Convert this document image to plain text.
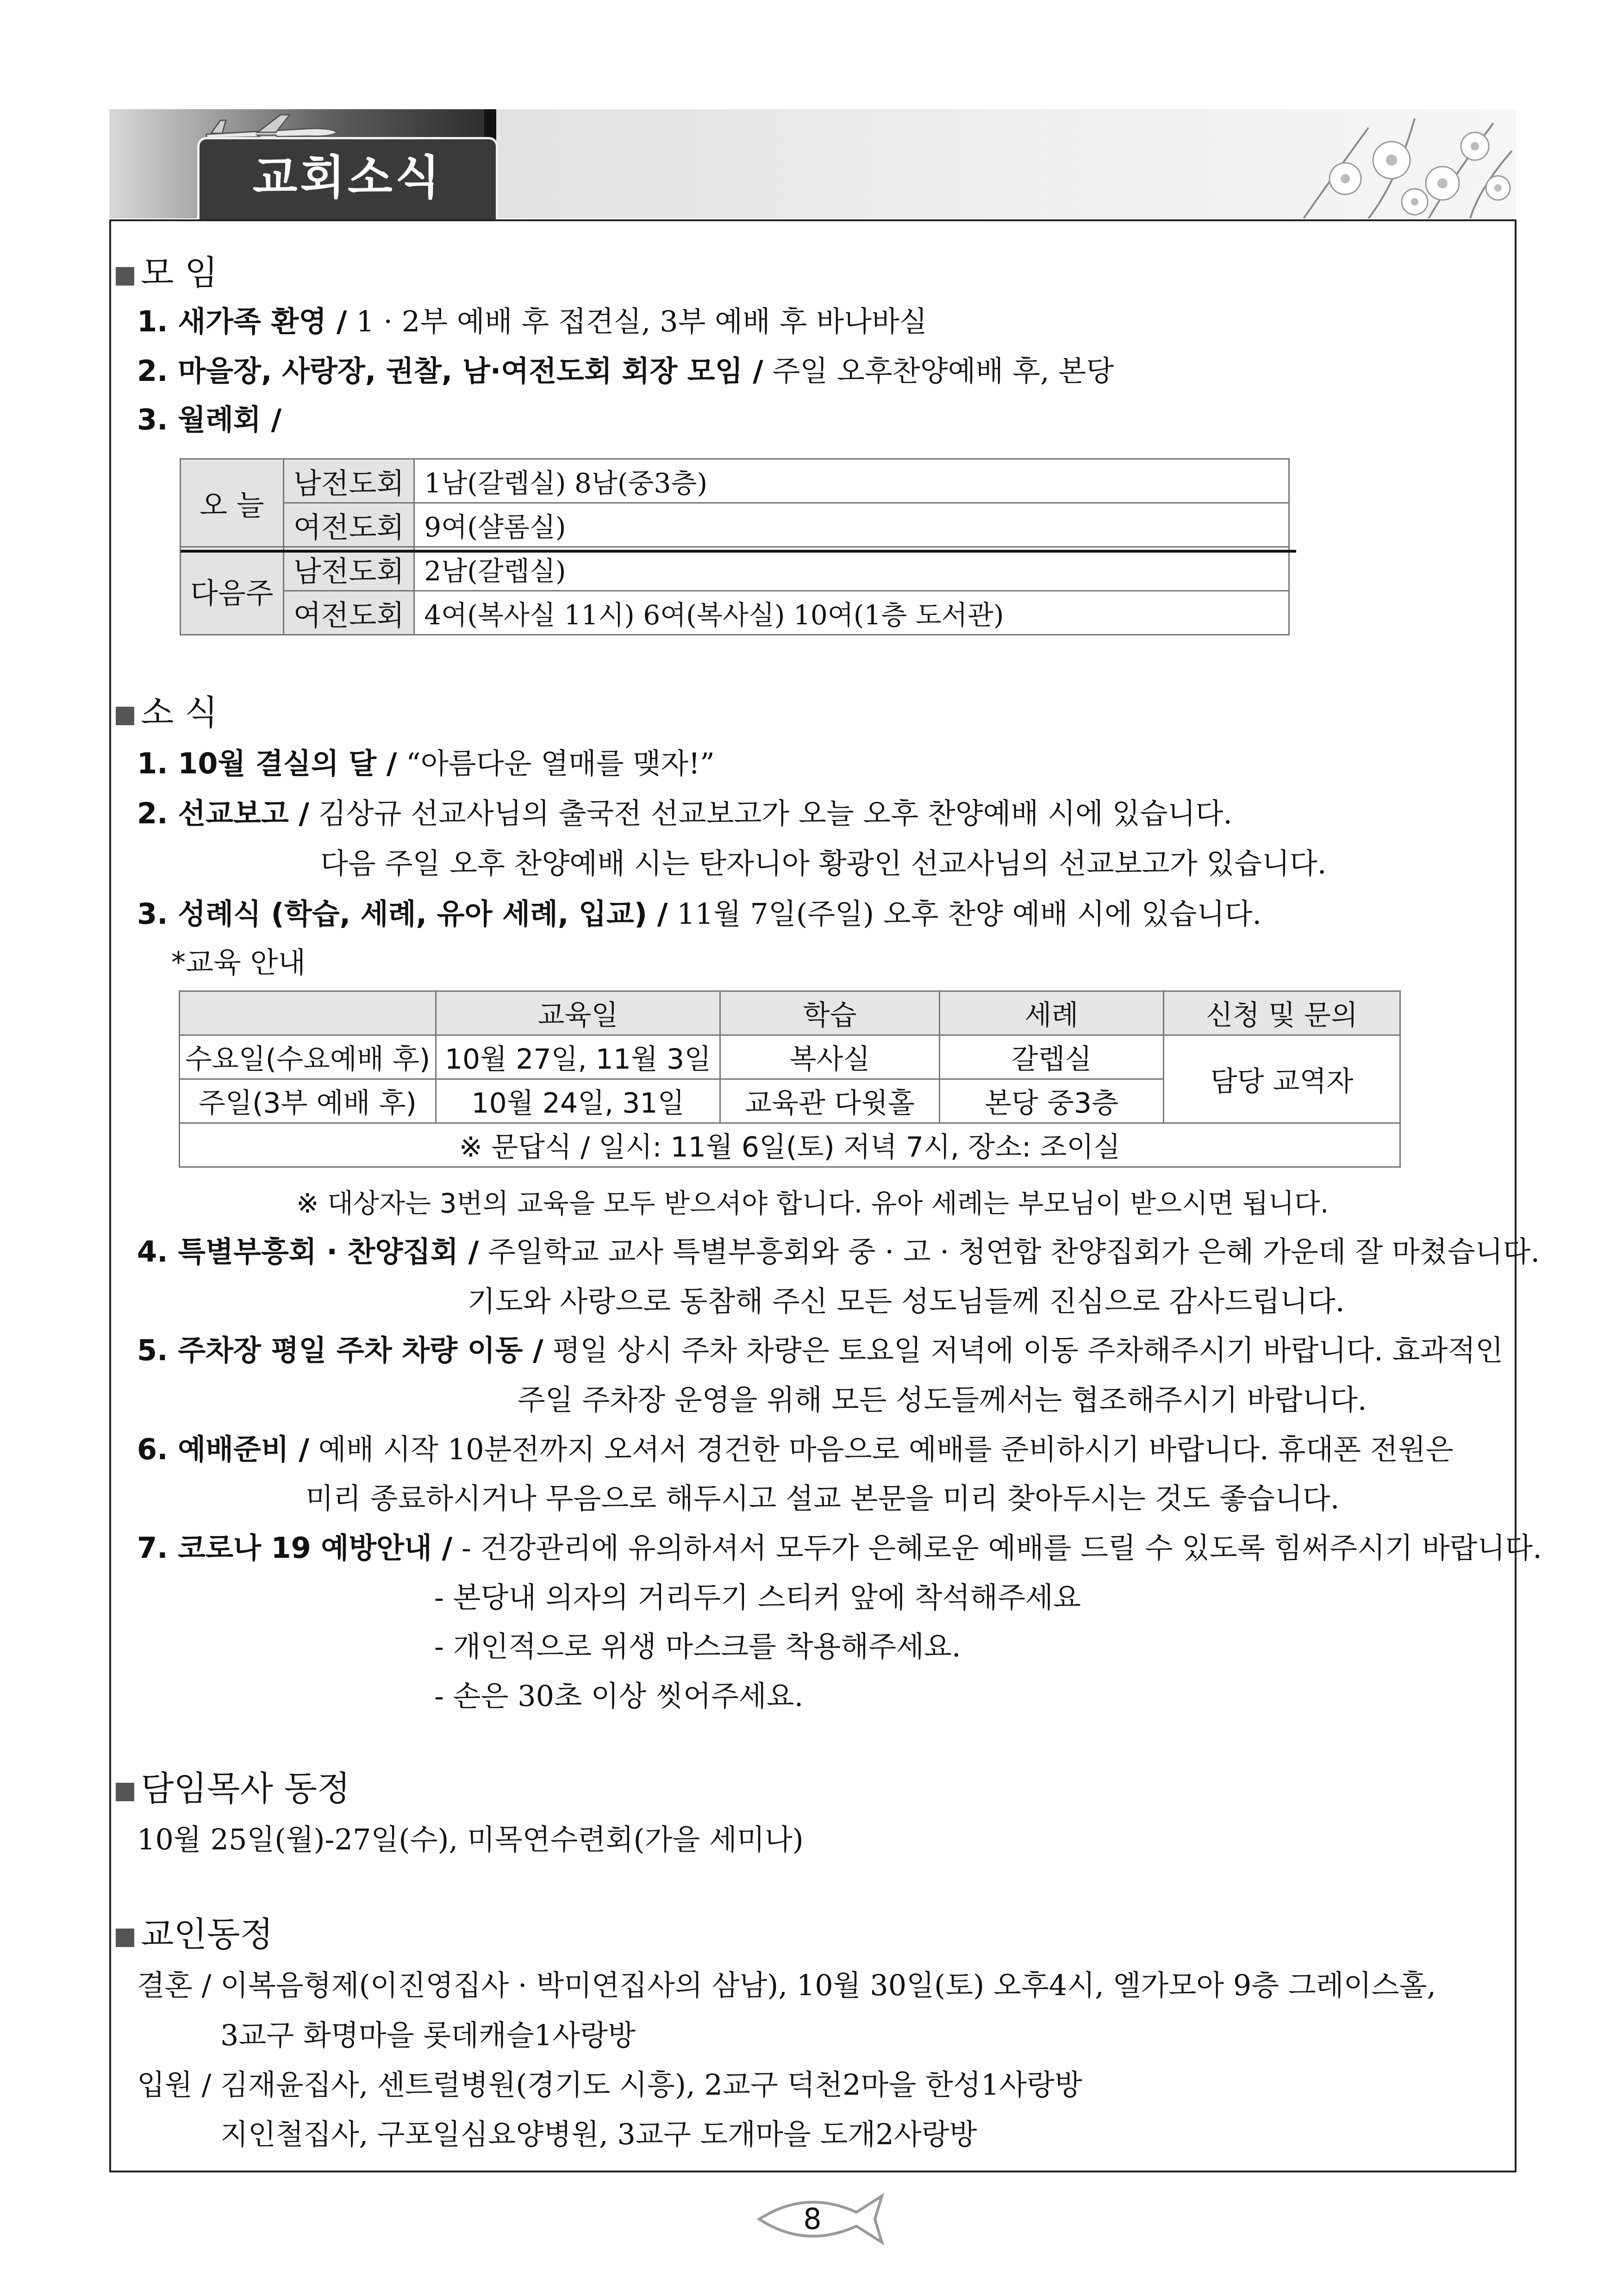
교회소식
모 임
1. 새가족 환영 / 1 · 2부 예배 후 접견실, 3부 예배 후 바나바실
2. 마을장, 사랑장, 권찰, 남·여전도회 회장 모임 / 주일 오후찬양예배 후, 본당
3. 월례회 /
오 늘	남전도회	1남(갈렙실) 8남(중3층)
	여전도회	9여(샬롬실)
다음주	남전도회	2남(갈렙실)
	여전도회	4여(복사실 11시) 6여(복사실) 10여(1층 도서관)
소 식
1. 10월 결실의 달 / “아름다운 열매를 맺자!”
2. 선교보고 / 김상규 선교사님의 출국전 선교보고가 오늘 오후 찬양예배 시에 있습니다.
다음 주일 오후 찬양예배 시는 탄자니아 황광인 선교사님의 선교보고가 있습니다.
3. 성례식 (학습, 세례, 유아 세례, 입교) / 11월 7일(주일) 오후 찬양 예배 시에 있습니다.
*교육 안내
	교육일	학습	세례	신청 및 문의
수요일(수요예배 후)	10월 27일, 11월 3일	복사실	갈렙실	담당 교역자
주일(3부 예배 후)	10월 24일, 31일	교육관 다윗홀	본당 중3층	
※ 문답식 / 일시: 11월 6일(토) 저녁 7시, 장소: 조이실				
※ 대상자는 3번의 교육을 모두 받으셔야 합니다. 유아 세례는 부모님이 받으시면 됩니다.
4. 특별부흥회 · 찬양집회 / 주일학교 교사 특별부흥회와 중 · 고 · 청연합 찬양집회가 은혜 가운데 잘 마쳤습니다.
기도와 사랑으로 동참해 주신 모든 성도님들께 진심으로 감사드립니다.
5. 주차장 평일 주차 차량 이동 / 평일 상시 주차 차량은 토요일 저녁에 이동 주차해주시기 바랍니다. 효과적인
주일 주차장 운영을 위해 모든 성도들께서는 협조해주시기 바랍니다.
6. 예배준비 / 예배 시작 10분전까지 오셔서 경건한 마음으로 예배를 준비하시기 바랍니다. 휴대폰 전원은
미리 종료하시거나 무음으로 해두시고 설교 본문을 미리 찾아두시는 것도 좋습니다.
7. 코로나 19 예방안내 / - 건강관리에 유의하셔서 모두가 은혜로운 예배를 드릴 수 있도록 힘써주시기 바랍니다.
- 본당내 의자의 거리두기 스티커 앞에 착석해주세요
- 개인적으로 위생 마스크를 착용해주세요.
- 손은 30초 이상 씻어주세요.
담임목사 동정
10월 25일(월)-27일(수), 미목연수련회(가을 세미나)
교인동정
결혼 / 이복음형제(이진영집사 · 박미연집사의 삼남), 10월 30일(토) 오후4시, 엘가모아 9층 그레이스홀,
3교구 화명마을 롯데캐슬1사랑방
입원 / 김재윤집사, 센트럴병원(경기도 시흥), 2교구 덕천2마을 한성1사랑방
지인철집사, 구포일심요양병원, 3교구 도개마을 도개2사랑방
8
